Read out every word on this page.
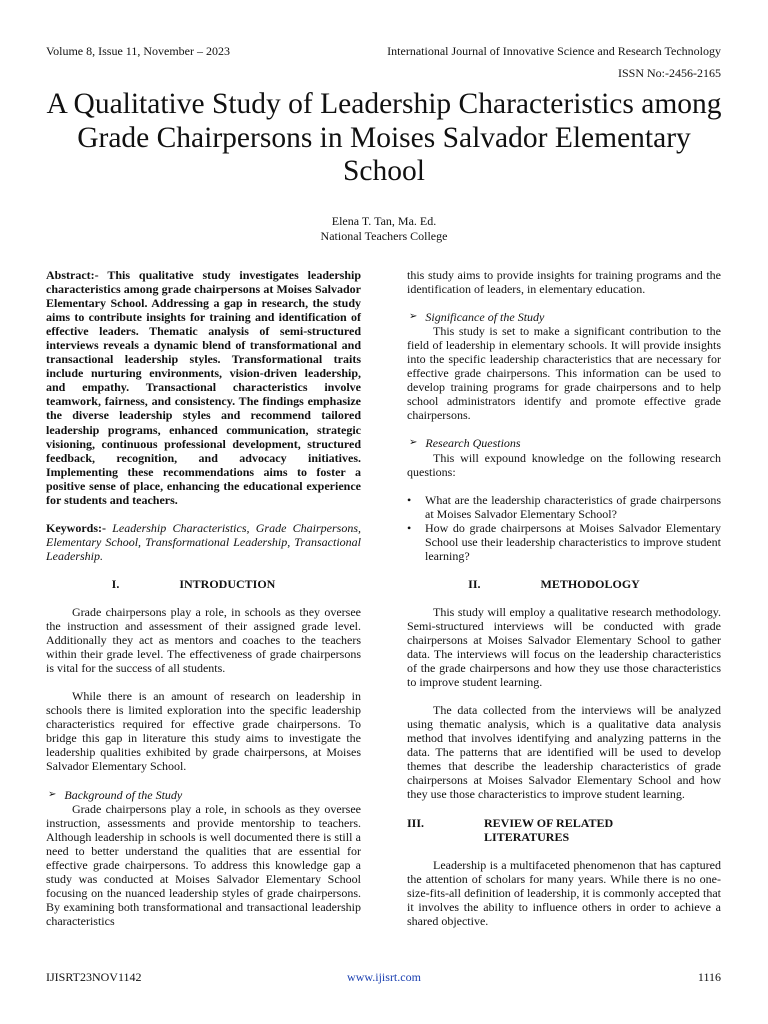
Volume 8, Issue 11, November – 2023	International Journal of Innovative Science and Research Technology
ISSN No:-2456-2165
A Qualitative Study of Leadership Characteristics among Grade Chairpersons in Moises Salvador Elementary School
Elena T. Tan, Ma. Ed.
National Teachers College

Abstract:- This qualitative study investigates leadership characteristics among grade chairpersons at Moises Salvador Elementary School. Addressing a gap in research, the study aims to contribute insights for training and identification of effective leaders. Thematic analysis of semi-structured interviews reveals a dynamic blend of transformational and transactional leadership styles. Transformational traits include nurturing environments, vision-driven leadership, and empathy. Transactional characteristics involve teamwork, fairness, and consistency. The findings emphasize the diverse leadership styles and recommend tailored leadership programs, enhanced communication, strategic visioning, continuous professional development, structured feedback, recognition, and advocacy initiatives. Implementing these recommendations aims to foster a positive sense of place, enhancing the educational experience for students and teachers.

Keywords:- Leadership Characteristics, Grade Chairpersons, Elementary School, Transformational Leadership, Transactional Leadership.

I.	INTRODUCTION

Grade chairpersons play a role, in schools as they oversee the instruction and assessment of their assigned grade level. Additionally they act as mentors and coaches to the teachers within their grade level. The effectiveness of grade chairpersons is vital for the success of all students.

While there is an amount of research on leadership in schools there is limited exploration into the specific leadership characteristics required for effective grade chairpersons. To bridge this gap in literature this study aims to investigate the leadership qualities exhibited by grade chairpersons, at Moises Salvador Elementary School.

➢ Background of the Study

Grade chairpersons play a role, in schools as they oversee instruction, assessments and provide mentorship to teachers. Although leadership in schools is well documented there is still a need to better understand the qualities that are essential for effective grade chairpersons. To address this knowledge gap a study was conducted at Moises Salvador Elementary School focusing on the nuanced leadership styles of grade chairpersons. By examining both transformational and transactional leadership characteristics

this study aims to provide insights for training programs and the identification of leaders, in elementary education.

➢ Significance of the Study

This study is set to make a significant contribution to the field of leadership in elementary schools. It will provide insights into the specific leadership characteristics that are necessary for effective grade chairpersons. This information can be used to develop training programs for grade chairpersons and to help school administrators identify and promote effective grade chairpersons.

➢ Research Questions

This will expound knowledge on the following research questions:

•	What are the leadership characteristics of grade chairpersons at Moises Salvador Elementary School?

•	How do grade chairpersons at Moises Salvador Elementary School use their leadership characteristics to improve student learning?

II.	METHODOLOGY

This study will employ a qualitative research methodology. Semi-structured interviews will be conducted with grade chairpersons at Moises Salvador Elementary School to gather data. The interviews will focus on the leadership characteristics of the grade chairpersons and how they use those characteristics to improve student learning.

The data collected from the interviews will be analyzed using thematic analysis, which is a qualitative data analysis method that involves identifying and analyzing patterns in the data. The patterns that are identified will be used to develop themes that describe the leadership characteristics of grade chairpersons at Moises Salvador Elementary School and how they use those characteristics to improve student learning.

III.	REVIEW OF RELATED LITERATURES

Leadership is a multifaceted phenomenon that has captured the attention of scholars for many years. While there is no one-size-fits-all definition of leadership, it is commonly accepted that it involves the ability to influence others in order to achieve a shared objective.

IJISRT23NOV1142	www.ijisrt.com	1116
